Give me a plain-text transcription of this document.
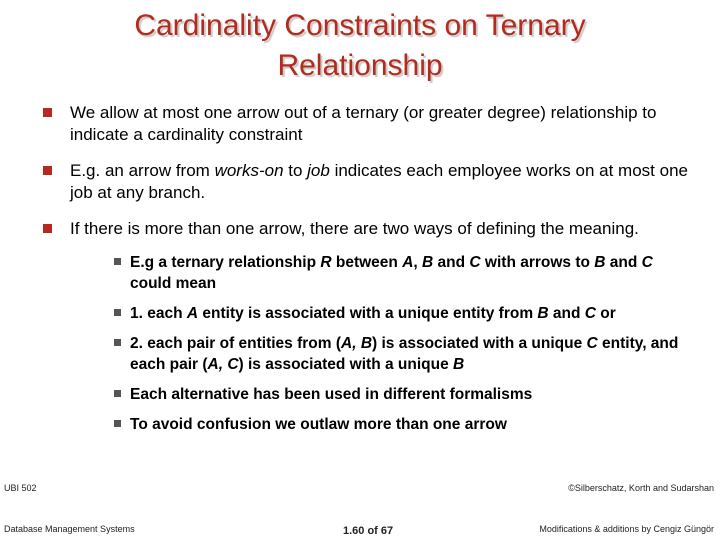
Cardinality Constraints on Ternary
Relationship
We allow at most one arrow out of a ternary (or greater degree) relationship to indicate a cardinality constraint
E.g. an arrow from works-on to job indicates each employee works on at most one job at any branch.
If there is more than one arrow, there are two ways of defining the meaning.
E.g a ternary relationship R between A, B and C with arrows to B and C could mean
1. each A entity is associated with a unique entity from B and C or
2. each pair of entities from (A, B) is associated with a unique C entity, and each pair (A, C) is associated with a unique B
Each alternative has been used in different formalisms
To avoid confusion we outlaw more than one arrow
UBI 502
Database Management Systems	1.60 of 67
©Silberschatz, Korth and Sudarshan
Modifications & additions by Cengiz Güngör
